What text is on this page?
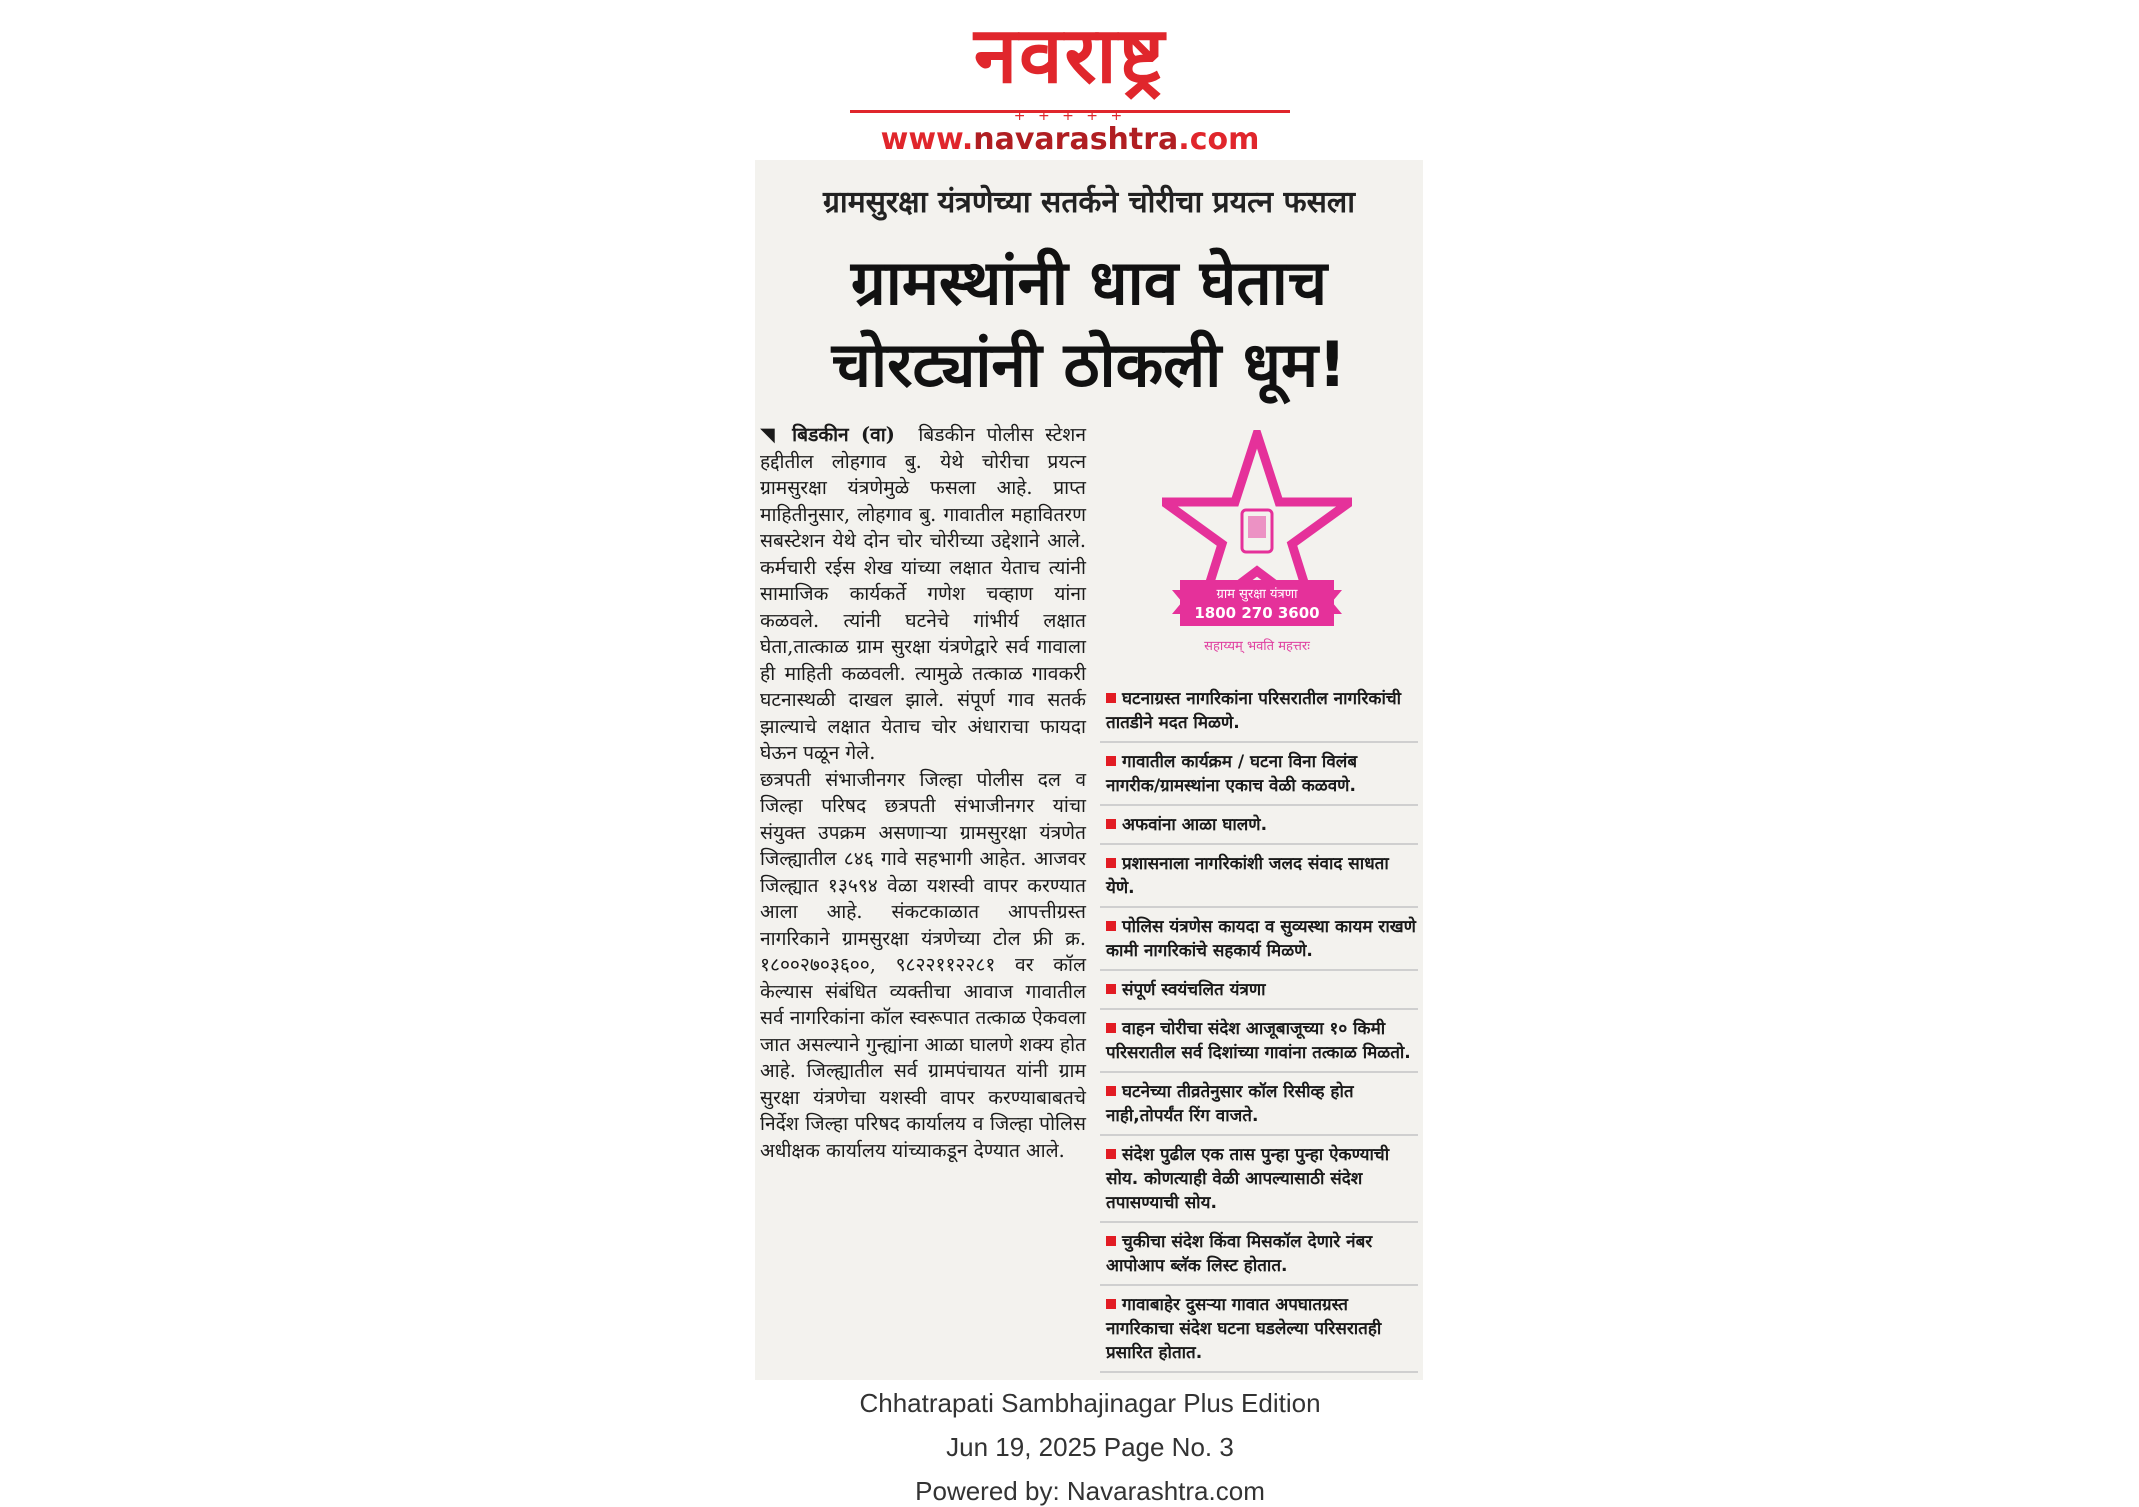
नवराष्ट्र
+ + + + +
www.navarashtra.com
ग्रामसुरक्षा यंत्रणेच्या सतर्कने चोरीचा प्रयत्न फसला
ग्रामस्थांनी धाव घेताच
चोरट्यांनी ठोकली धूम!

◥ बिडकीन (वा) बिडकीन पोलीस स्टेशन हद्दीतील लोहगाव बु. येथे चोरीचा प्रयत्न ग्रामसुरक्षा यंत्रणेमुळे फसला आहे. प्राप्त माहितीनुसार, लोहगाव बु. गावातील महावितरण सबस्टेशन येथे दोन चोर चोरीच्या उद्देशाने आले. कर्मचारी रईस शेख यांच्या लक्षात येताच त्यांनी सामाजिक कार्यकर्ते गणेश चव्हाण यांना कळवले. त्यांनी घटनेचे गांभीर्य लक्षात घेता,तात्काळ ग्राम सुरक्षा यंत्रणेद्वारे सर्व गावाला ही माहिती कळवली. त्यामुळे तत्काळ गावकरी घटनास्थळी दाखल झाले. संपूर्ण गाव सतर्क झाल्याचे लक्षात येताच चोर अंधाराचा फायदा घेऊन पळून गेले.

छत्रपती संभाजीनगर जिल्हा पोलीस दल व जिल्हा परिषद छत्रपती संभाजीनगर यांचा संयुक्त उपक्रम असणाऱ्या ग्रामसुरक्षा यंत्रणेत जिल्ह्यातील ८४६ गावे सहभागी आहेत. आजवर जिल्ह्यात १३५९४ वेळा यशस्वी वापर करण्यात आला आहे. संकटकाळात आपत्तीग्रस्त नागरिकाने ग्रामसुरक्षा यंत्रणेच्या टोल फ्री क्र. १८००२७०३६००, ९८२२११२२८१ वर कॉल केल्यास संबंधित व्यक्तीचा आवाज गावातील सर्व नागरिकांना कॉल स्वरूपात तत्काळ ऐकवला जात असल्याने गुन्ह्यांना आळा घालणे शक्य होत आहे. जिल्ह्यातील सर्व ग्रामपंचायत यांनी ग्राम सुरक्षा यंत्रणेचा यशस्वी वापर करण्याबाबतचे निर्देश जिल्हा परिषद कार्यालय व जिल्हा पोलिस अधीक्षक कार्यालय यांच्याकडून देण्यात आले.

ग्राम सुरक्षा यंत्रणा
1800 270 3600
सहाय्यम् भवति महत्तरः
घटनाग्रस्त नागरिकांना परिसरातील नागरिकांची तातडीने मदत मिळणे.
गावातील कार्यक्रम / घटना विना विलंब नागरीक/ग्रामस्थांना एकाच वेळी कळवणे.
अफवांना आळा घालणे.
प्रशासनाला नागरिकांशी जलद संवाद साधता येणे.
पोलिस यंत्रणेस कायदा व सुव्यस्था कायम राखणे कामी नागरिकांचे सहकार्य मिळणे.
संपूर्ण स्वयंचलित यंत्रणा
वाहन चोरीचा संदेश आजूबाजूच्या १० किमी परिसरातील सर्व दिशांच्या गावांना तत्काळ मिळतो.
घटनेच्या तीव्रतेनुसार कॉल रिसीव्ह होत नाही,तोपर्यंत रिंग वाजते.
संदेश पुढील एक तास पुन्हा पुन्हा ऐकण्याची सोय. कोणत्याही वेळी आपल्यासाठी संदेश तपासण्याची सोय.
चुकीचा संदेश किंवा मिसकॉल देणारे नंबर आपोआप ब्लॅक लिस्ट होतात.
गावाबाहेर दुसऱ्या गावात अपघातग्रस्त नागरिकाचा संदेश घटना घडलेल्या परिसरातही प्रसारित होतात.
Chhatrapati Sambhajinagar Plus Edition
Jun 19, 2025 Page No. 3
Powered by: Navarashtra.com
